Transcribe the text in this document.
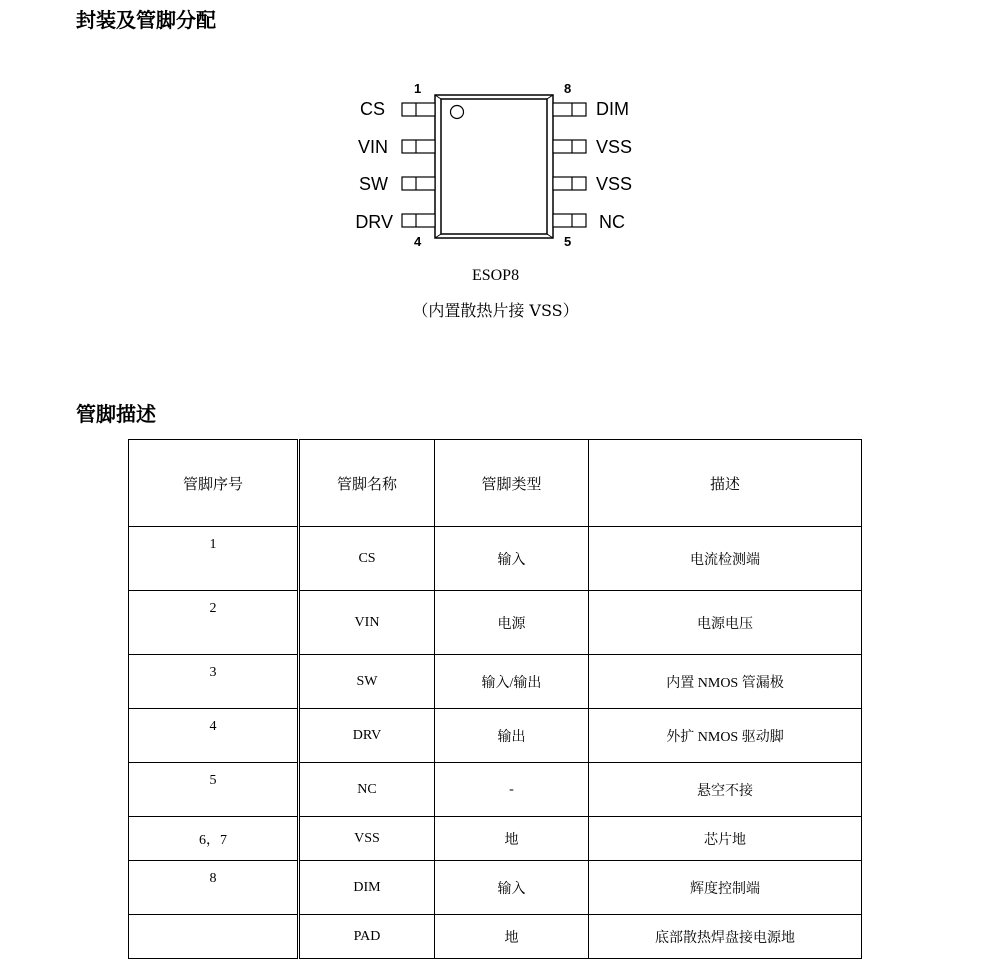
封装及管脚分配
1	8
4	5
CS
VIN
SW
DRV
DIM
VSS
VSS
NC
ESOP8
（内置散热片接 VSS）
管脚描述
管脚序号	管脚名称	管脚类型	描述
1	CS	输入	电流检测端
2	VIN	电源	电源电压
3	SW	输入/输出	内置 NMOS 管漏极
4	DRV	输出	外扩 NMOS 驱动脚
5	NC	-	悬空不接
6，7	VSS	地	芯片地
8	DIM	输入	辉度控制端
	PAD	地	底部散热焊盘接电源地
